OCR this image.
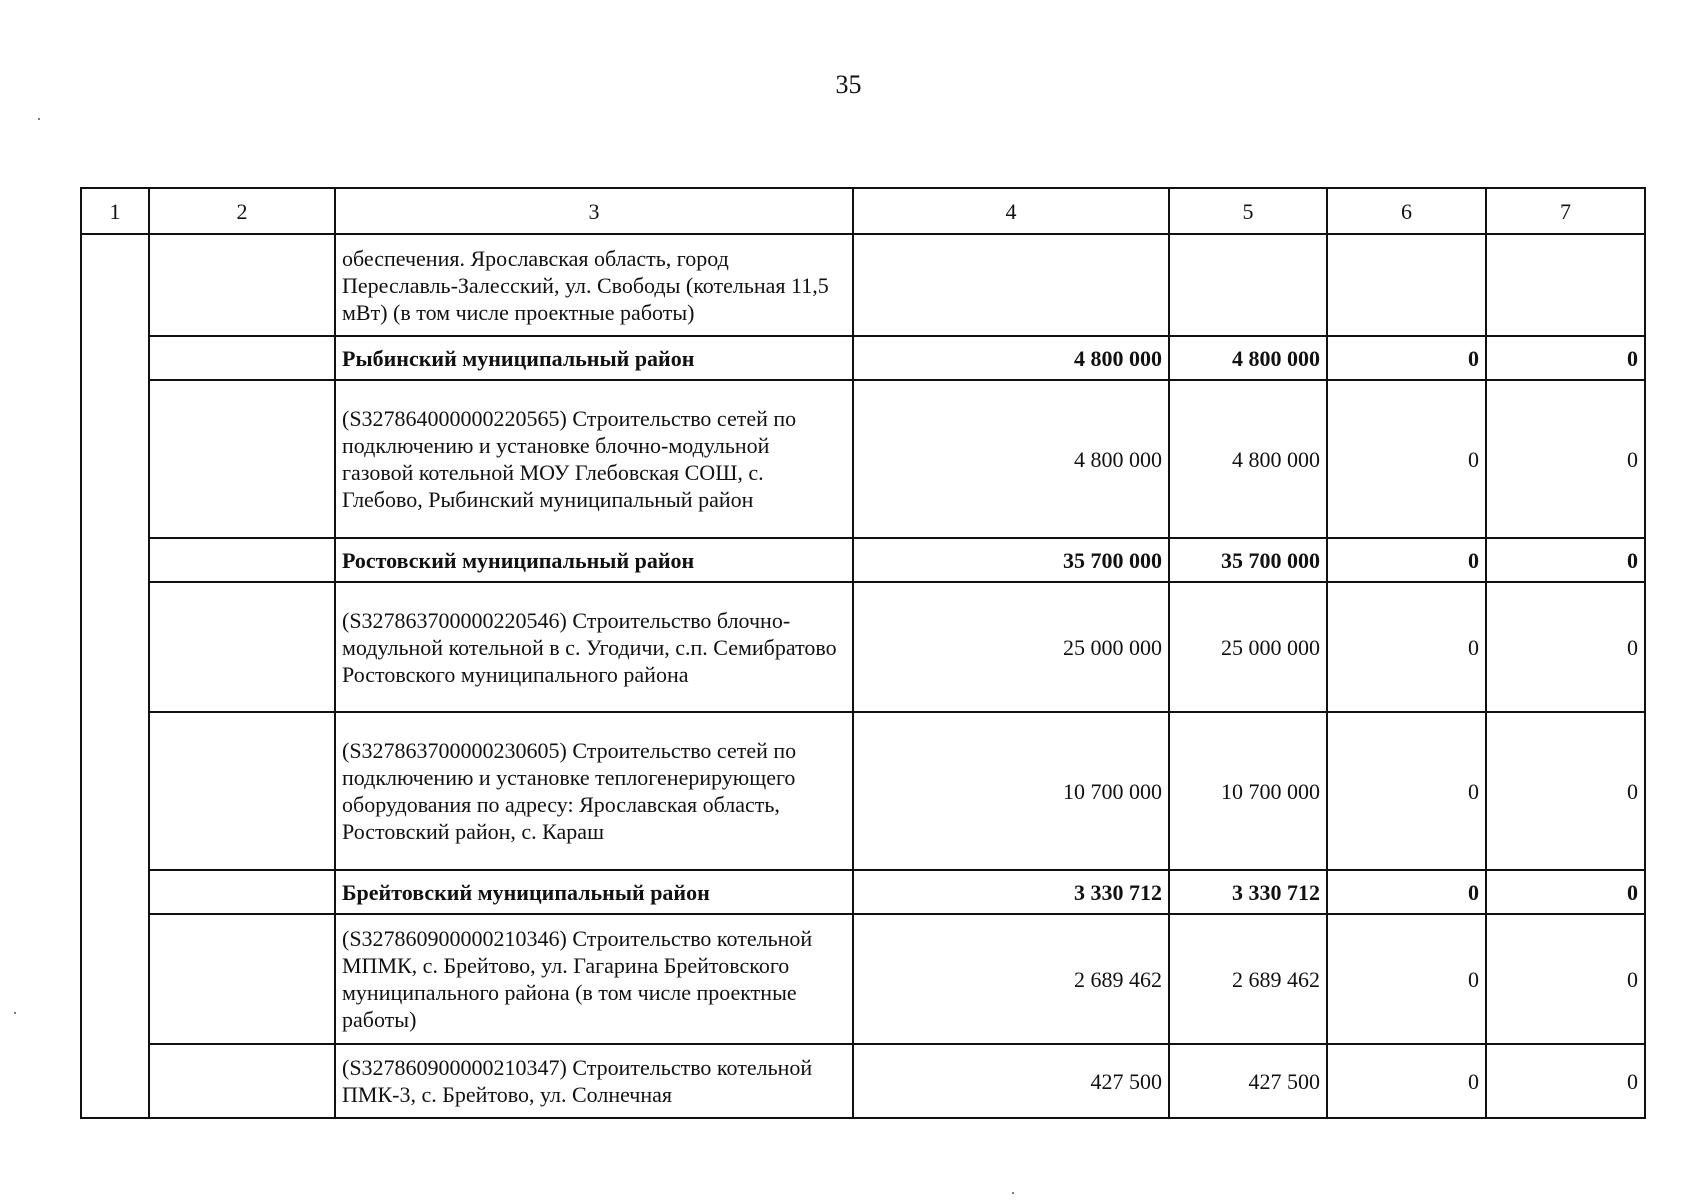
35
1	2	3	4	5	6	7
		обеспечения. Ярославская область, город Переславль-Залесский, ул. Свободы (котельная 11,5 мВт) (в том числе проектные работы)				
		Рыбинский муниципальный район	4 800 000	4 800 000	0	0
		(S327864000000220565) Строительство сетей по подключению и установке блочно-модульной газовой котельной МОУ Глебовская СОШ, с. Глебово, Рыбинский муниципальный район	4 800 000	4 800 000	0	0
		Ростовский муниципальный район	35 700 000	35 700 000	0	0
		(S327863700000220546) Строительство блочно-модульной котельной в с. Угодичи, с.п. Семибратово Ростовского муниципального района	25 000 000	25 000 000	0	0
		(S327863700000230605) Строительство сетей по подключению и установке теплогенерирующего оборудования по адресу: Ярославская область, Ростовский район, с. Караш	10 700 000	10 700 000	0	0
		Брейтовский муниципальный район	3 330 712	3 330 712	0	0
		(S327860900000210346) Строительство котельной МПМК, с. Брейтово, ул. Гагарина Брейтовского муниципального района (в том числе проектные работы)	2 689 462	2 689 462	0	0
		(S327860900000210347) Строительство котельной ПМК-3, с. Брейтово, ул. Солнечная	427 500	427 500	0	0
